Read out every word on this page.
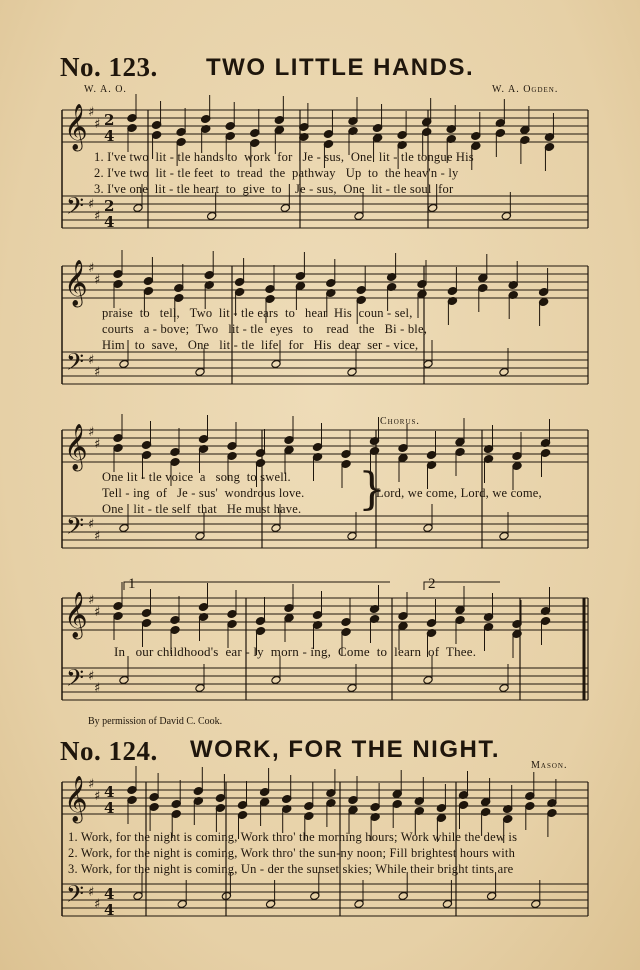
𝄞
𝄢
♯
♯
♯
♯
2
4
2
4
𝄞
𝄢
♯
♯
♯
♯
𝄞
𝄢
♯
♯
♯
♯
𝄞
𝄢
♯
♯
♯
♯
𝄞
𝄢
♯
♯
♯
♯
4
4
4
4
No. 123. TWO LITTLE HANDS.
W. A. O.	W. A. Ogden.
1. I've two  lit - tle hands to  work  for   Je - sus,  One  lit - tle tongue His
2. I've two  lit - tle feet  to  tread  the  pathway   Up  to  the heav'n - ly
3. I've one  lit - tle heart  to  give  to    Je - sus,  One  lit - tle soul  for
praise  to   tell,   Two  lit - tle ears  to   hear  His  coun - sel,
courts   a - bove;  Two   lit - tle  eyes   to    read   the   Bi - ble,
Him   to  save,   One   lit - tle  life   for   His  dear  ser - vice,
Chorus.
One lit - tle voice  a   song  to swell.
Tell - ing  of   Je - sus'  wondrous love.
One   lit - tle self  that   He must have. }
Lord, we come, Lord, we come,
1	2
In   our childhood's  ear - ly  morn - ing,  Come  to  learn  of  Thee.
By permission of David C. Cook.
No. 124. WORK, FOR THE NIGHT.
Mason.
1. Work, for the night is coming, Work thro' the morning hours; Work while the dew is
2. Work, for the night is coming, Work thro' the sun-ny noon; Fill brightest hours with
3. Work, for the night is coming, Un - der the sunset skies; While their bright tints are
